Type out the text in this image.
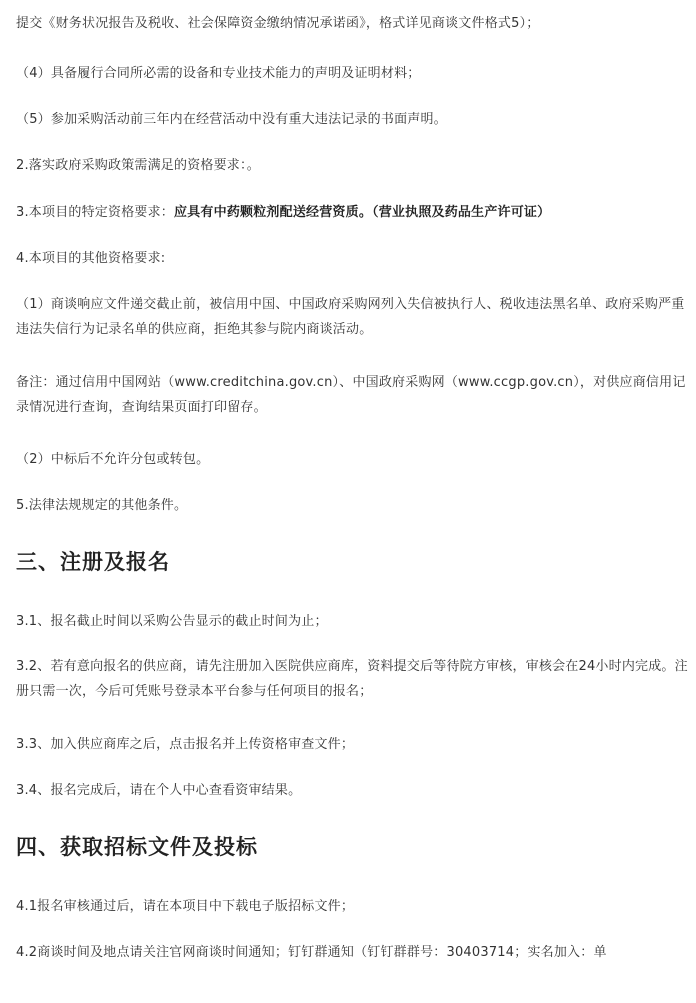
提交《财务状况报告及税收、社会保障资金缴纳情况承诺函》，格式详见商谈文件格式5）；
（4）具备履行合同所必需的设备和专业技术能力的声明及证明材料；
（5）参加采购活动前三年内在经营活动中没有重大违法记录的书面声明。
2.落实政府采购政策需满足的资格要求：。
3.本项目的特定资格要求：应具有中药颗粒剂配送经营资质。（营业执照及药品生产许可证）
4.本项目的其他资格要求:
（1）商谈响应文件递交截止前，被信用中国、中国政府采购网列入失信被执行人、税收违法黑名单、政府采购严重违法失信行为记录名单的供应商，拒绝其参与院内商谈活动。
备注：通过信用中国网站（www.creditchina.gov.cn）、中国政府采购网（www.ccgp.gov.cn），对供应商信用记录情况进行查询，查询结果页面打印留存。
（2）中标后不允许分包或转包。
5.法律法规规定的其他条件。
三、注册及报名
3.1、报名截止时间以采购公告显示的截止时间为止；
3.2、若有意向报名的供应商，请先注册加入医院供应商库，资料提交后等待院方审核，审核会在24小时内完成。注册只需一次，今后可凭账号登录本平台参与任何项目的报名；
3.3、加入供应商库之后，点击报名并上传资格审查文件；
3.4、报名完成后，请在个人中心查看资审结果。
四、获取招标文件及投标
4.1报名审核通过后，请在本项目中下载电子版招标文件；
4.2商谈时间及地点请关注官网商谈时间通知；钉钉群通知（钉钉群群号：30403714；实名加入：单
